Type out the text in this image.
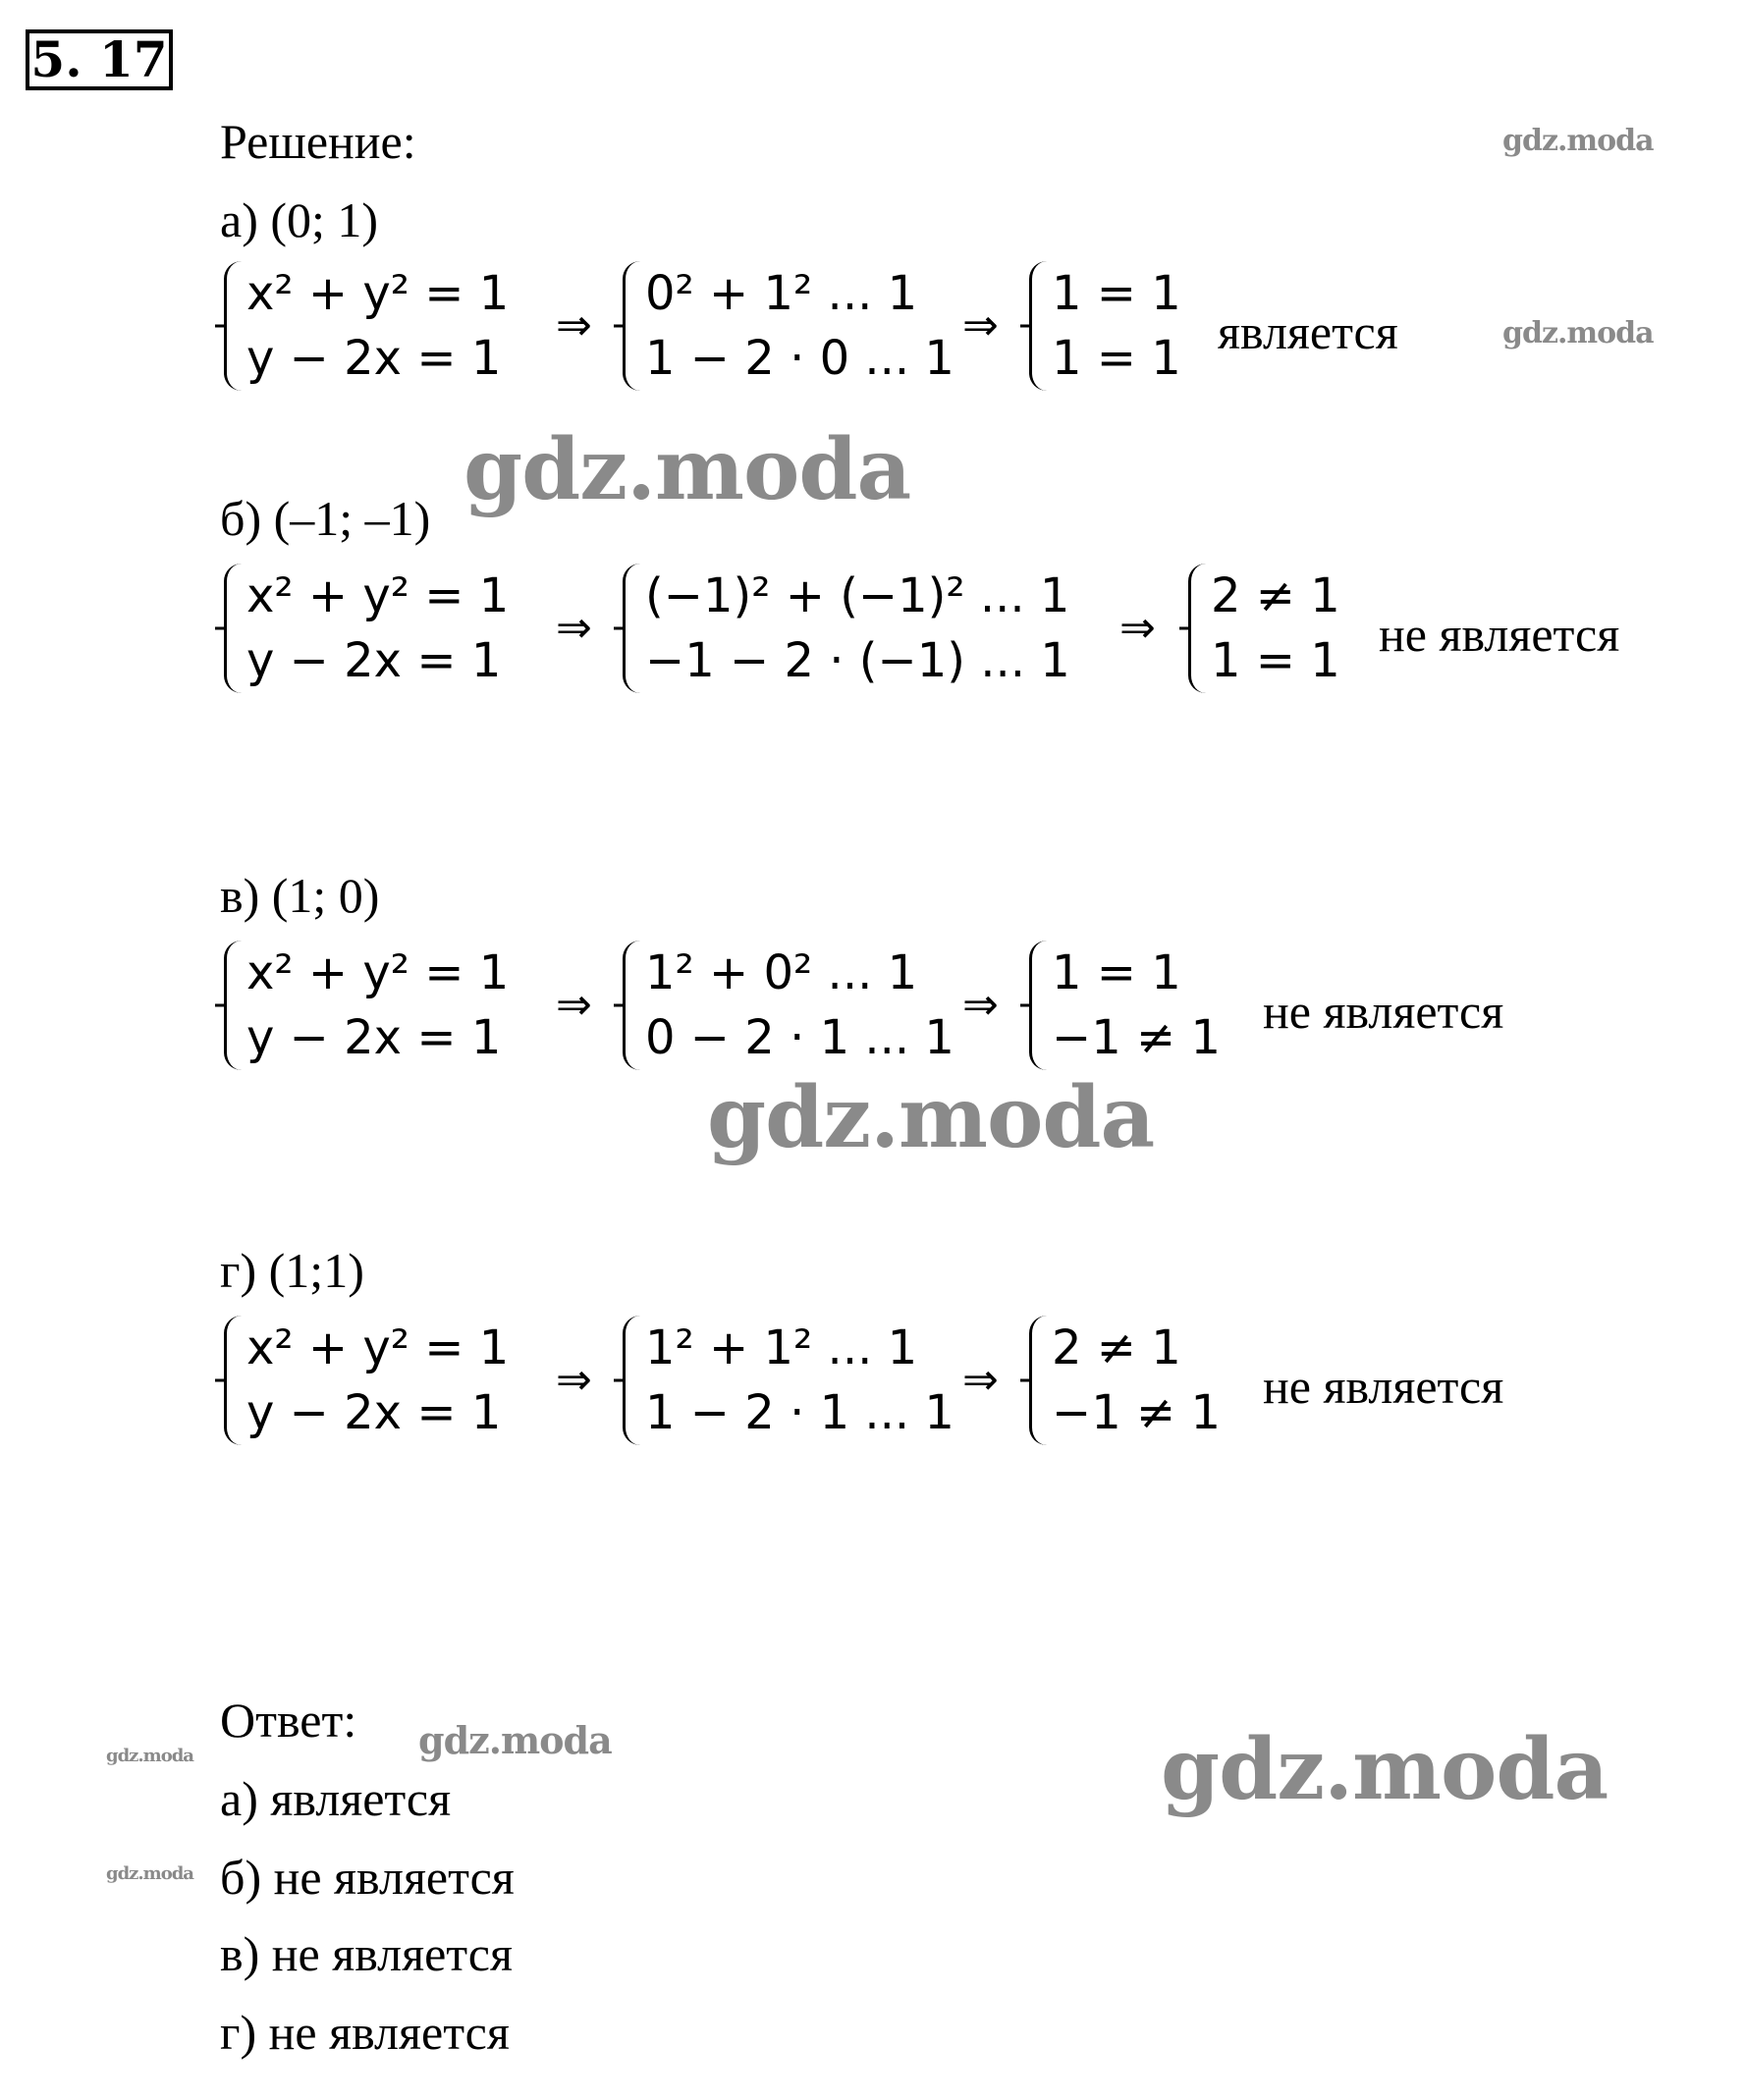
5. 17
Решение:
а) (0; 1)
x² + y² = 1
y − 2x = 1
⇒
0² + 1² ... 1
1 − 2 · 0 ... 1
⇒
1 = 1
1 = 1 является
б) (–1; –1)
x² + y² = 1
y − 2x = 1
⇒
(−1)² + (−1)² ... 1
−1 − 2 · (−1) ... 1
⇒
2 ≠ 1
1 = 1 не является
в) (1; 0)
x² + y² = 1
y − 2x = 1
⇒
1² + 0² ... 1
0 − 2 · 1 ... 1
⇒
1 = 1
−1 ≠ 1 не является
г) (1;1)
x² + y² = 1
y − 2x = 1
⇒
1² + 1² ... 1
1 − 2 · 1 ... 1
⇒
2 ≠ 1
−1 ≠ 1 не является
Ответ:
а) является
б) не является
в) не является
г) не является
gdz.moda
gdz.moda
gdz.moda
gdz.moda
gdz.moda
gdz.moda
gdz.moda
gdz.moda
